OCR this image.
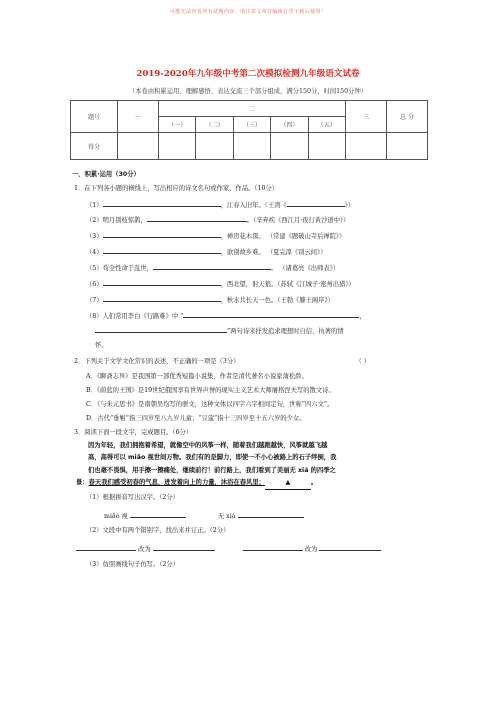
可能无法查看所有试题内容，请注意文章并编辑打印下载后使用！
2019-2020年九年级中考第二次模拟检测九年级语文试卷
（本卷由积累运用、理解感悟、表达交流三个部分组成，满分150分，时间150分钟）
题号	一	二					三	总 分
		（一）	（二）	（三）	（四）	（五）		
得分								
一、积累·运用（30分）
1．在下列各小题的横线上，写出相应的诗文名句或作家、作品。（10分）
（1）	，江春入旧年。（王湾《	》）
（2）明月别枝惊鹊，	。（辛弃疾《西江月·夜行黄沙道中》）
（3）	，禅房花木深。 （常建《题破山寺后禅院》）
（4）	，欲别故乡难。 （夏完淳《别云间》）
（5）苟全性命于乱世，	。 （诸葛亮《出师表》）
（6）	，西北望，射天狼。（苏轼《江城子·密州出猎》）
（7）	，秋水共长天一色。（王勃《滕王阁序》）
（8）人们常用李白《行路难》中 “	，
”两句诗来抒发追求理想时自信、执著的情
怀。
2．下列关于文学文化常识的表述，不正确的一项是（3分）	（ ）
A．《聊斋志异》是我国第一部优秀短篇小说集，作者是清代著名小说家蒲松龄。
B．《蔚蓝的王国》是19世纪俄国享有世界声誉的现实主义艺术大师屠格涅夫写的散文诗。
C．《与朱元思书》是南朝吴均写的骈文，这种文体以四字六字相间定句，世称“四六文”。
D．古代“垂髫”指三四岁至八九岁儿童；“豆蔻”指十三四岁至十五六岁的少女。
3．阅读下面一段文字，完成题目。（6分）
因为年轻，我们拥抱着希望，就像空中的风筝一样，随着我们越跑越快，风筝就越飞越
高，高得可以 miǎo 视世间万物。我们有的是脚力，即使一不小心被路上的石子绊倒，我
们也毫不畏惧，用手擦一擦痛处，继续前行！前行路上，我们看到了美丽无 xiá 的四季之
景：春天我们感受初春的气息，迸发着向上的力量，沐浴在春风里；	▲	。
（1）根据拼音写出汉字。（2分）
miǎo 视	无 xiá
（2）文段中有两个错别字，找出来并订正。（2分）
改为	改为
（3）仿照画线句子仿写。（2分）
